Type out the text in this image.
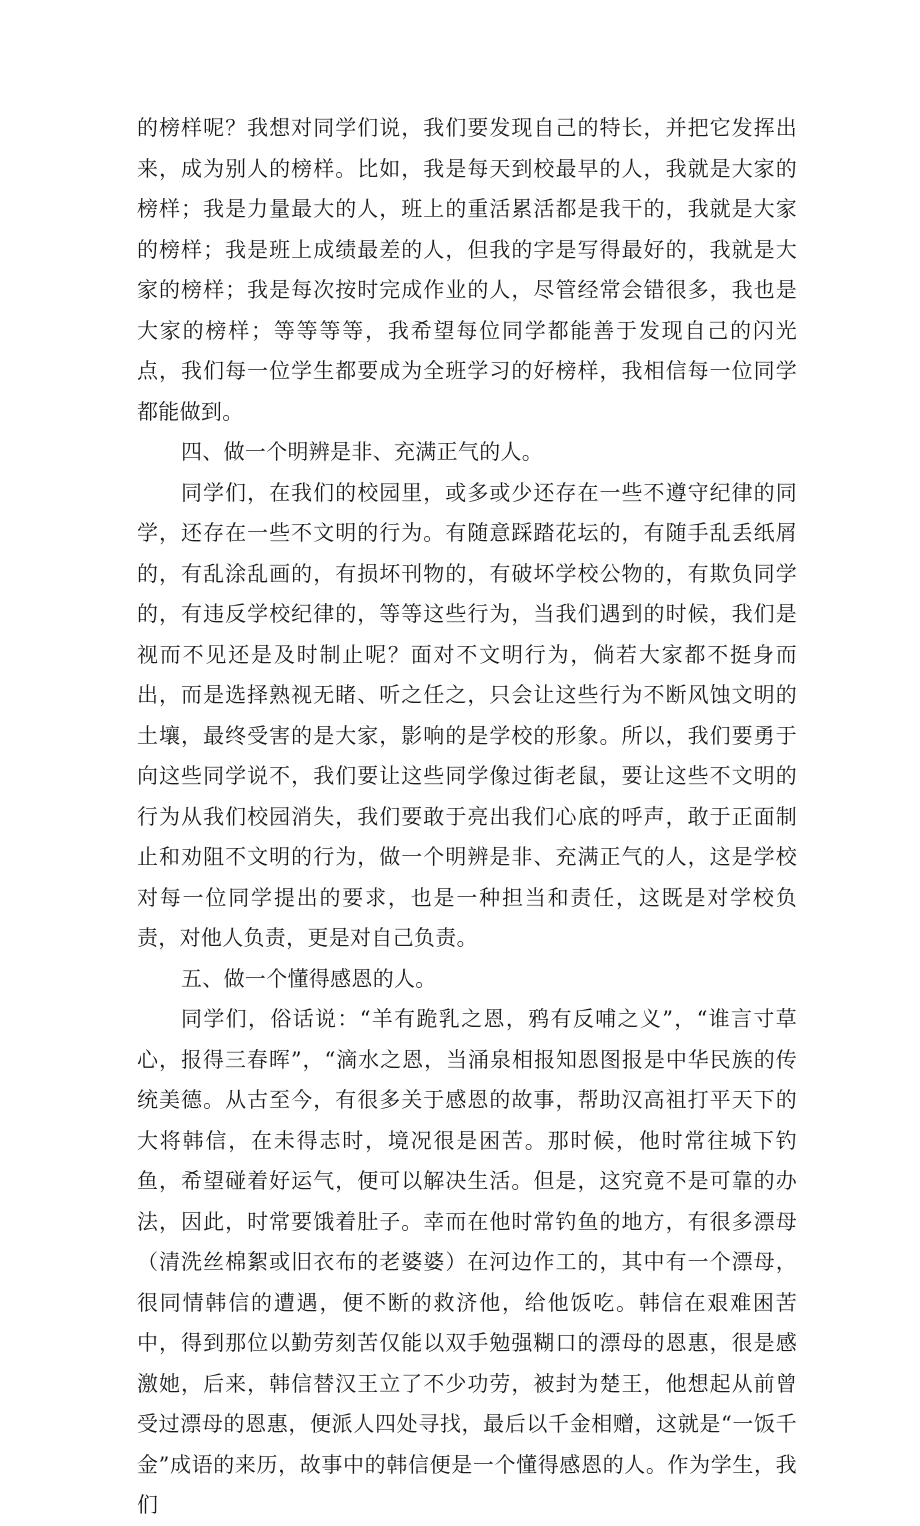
的榜样呢？我想对同学们说，我们要发现自己的特长，并把它发挥出来，成为别人的榜样。比如，我是每天到校最早的人，我就是大家的榜样；我是力量最大的人，班上的重活累活都是我干的，我就是大家的榜样；我是班上成绩最差的人，但我的字是写得最好的，我就是大家的榜样；我是每次按时完成作业的人，尽管经常会错很多，我也是大家的榜样；等等等等，我希望每位同学都能善于发现自己的闪光点，我们每一位学生都要成为全班学习的好榜样，我相信每一位同学都能做到。

四、做一个明辨是非、充满正气的人。

同学们，在我们的校园里，或多或少还存在一些不遵守纪律的同学，还存在一些不文明的行为。有随意踩踏花坛的，有随手乱丢纸屑的，有乱涂乱画的，有损坏刊物的，有破坏学校公物的，有欺负同学的，有违反学校纪律的，等等这些行为，当我们遇到的时候，我们是视而不见还是及时制止呢？面对不文明行为，倘若大家都不挺身而出，而是选择熟视无睹、听之任之，只会让这些行为不断风蚀文明的土壤，最终受害的是大家，影响的是学校的形象。所以，我们要勇于向这些同学说不，我们要让这些同学像过街老鼠，要让这些不文明的行为从我们校园消失，我们要敢于亮出我们心底的呼声，敢于正面制止和劝阻不文明的行为，做一个明辨是非、充满正气的人，这是学校对每一位同学提出的要求，也是一种担当和责任，这既是对学校负责，对他人负责，更是对自己负责。

五、做一个懂得感恩的人。

同学们，俗话说：“羊有跪乳之恩，鸦有反哺之义”，“谁言寸草心，报得三春晖”，“滴水之恩，当涌泉相报知恩图报是中华民族的传统美德。从古至今，有很多关于感恩的故事，帮助汉高祖打平天下的大将韩信，在未得志时，境况很是困苦。那时候，他时常往城下钓鱼，希望碰着好运气，便可以解决生活。但是，这究竟不是可靠的办法，因此，时常要饿着肚子。幸而在他时常钓鱼的地方，有很多漂母（清洗丝棉絮或旧衣布的老婆婆）在河边作工的，其中有一个漂母，很同情韩信的遭遇，便不断的救济他，给他饭吃。韩信在艰难困苦中，得到那位以勤劳刻苦仅能以双手勉强糊口的漂母的恩惠，很是感激她，后来，韩信替汉王立了不少功劳，被封为楚王，他想起从前曾受过漂母的恩惠，便派人四处寻找，最后以千金相赠，这就是“一饭千金”成语的来历，故事中的韩信便是一个懂得感恩的人。作为学生，我们
